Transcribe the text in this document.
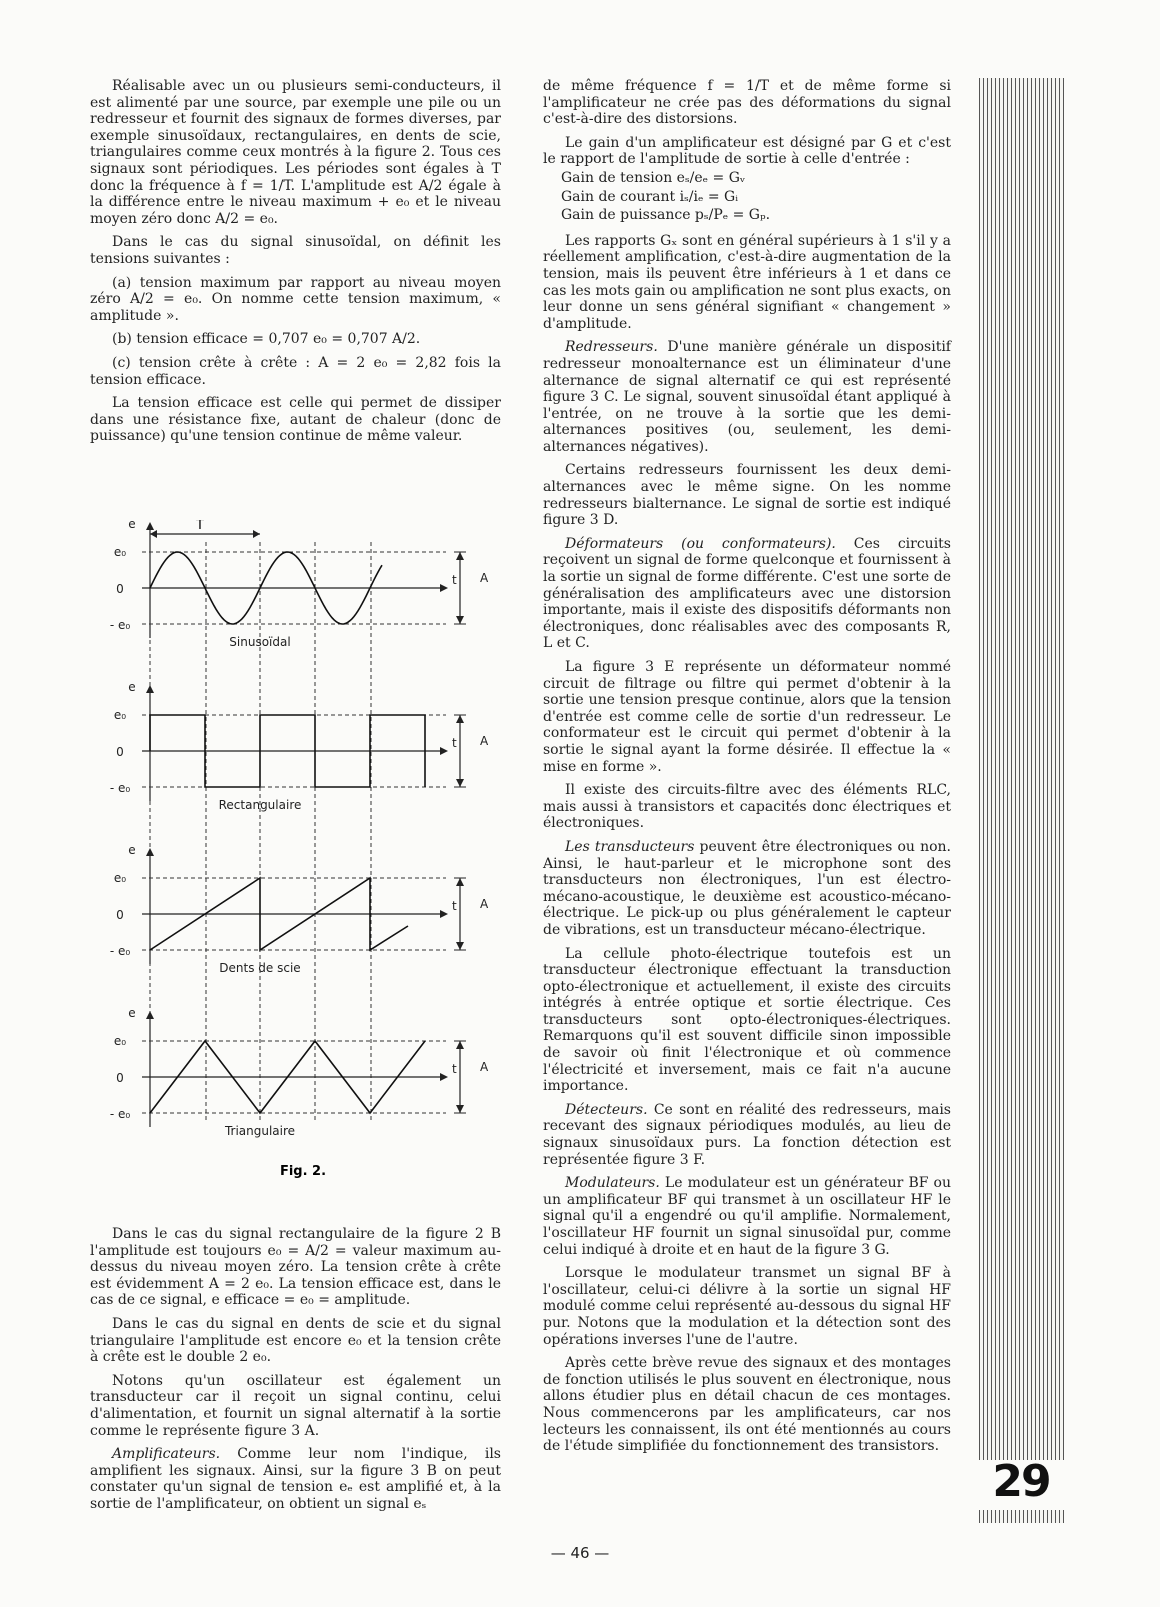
Réalisable avec un ou plusieurs semi-conducteurs, il est alimenté par une source, par exemple une pile ou un redresseur et fournit des signaux de formes diverses, par exemple sinusoïdaux, rectangulaires, en dents de scie, triangulaires comme ceux montrés à la figure 2. Tous ces signaux sont périodiques. Les périodes sont égales à T donc la fréquence à f = 1/T. L'amplitude est A/2 égale à la différence entre le niveau maximum + e₀ et le niveau moyen zéro donc A/2 = e₀.

Dans le cas du signal sinusoïdal, on définit les tensions suivantes :

(a) tension maximum par rapport au niveau moyen zéro A/2 = e₀. On nomme cette tension maximum, « amplitude ».

(b) tension efficace = 0,707 e₀ = 0,707 A/2.

(c) tension crête à crête : A = 2 e₀ = 2,82 fois la tension efficace.

La tension efficace est celle qui permet de dissiper dans une résistance fixe, autant de chaleur (donc de puissance) qu'une tension continue de même valeur.

e
e₀
0
- e₀
t A
Sinusoïdal
e
e₀
0
- e₀
t A
Rectangulaire
e
e₀
0
- e₀
t A
Dents de scie
e
e₀
0
- e₀
t A
Triangulaire
T
Fig. 2.

Dans le cas du signal rectangulaire de la figure 2 B l'amplitude est toujours e₀ = A/2 = valeur maximum au-dessus du niveau moyen zéro. La tension crête à crête est évidemment A = 2 e₀. La tension efficace est, dans le cas de ce signal, e efficace = e₀ = amplitude.

Dans le cas du signal en dents de scie et du signal triangulaire l'amplitude est encore e₀ et la tension crête à crête est le double 2 e₀.

Notons qu'un oscillateur est également un transducteur car il reçoit un signal continu, celui d'alimentation, et fournit un signal alternatif à la sortie comme le représente figure 3 A.

Amplificateurs. Comme leur nom l'indique, ils amplifient les signaux. Ainsi, sur la figure 3 B on peut constater qu'un signal de tension eₑ est amplifié et, à la sortie de l'amplificateur, on obtient un signal eₛ

de même fréquence f = 1/T et de même forme si l'amplificateur ne crée pas des déformations du signal c'est-à-dire des distorsions.

Le gain d'un amplificateur est désigné par G et c'est le rapport de l'amplitude de sortie à celle d'entrée :

Gain de tension eₛ/eₑ = Gᵥ

Gain de courant iₛ/iₑ = Gᵢ

Gain de puissance pₛ/Pₑ = Gₚ.

Les rapports Gₓ sont en général supérieurs à 1 s'il y a réellement amplification, c'est-à-dire augmentation de la tension, mais ils peuvent être inférieurs à 1 et dans ce cas les mots gain ou amplification ne sont plus exacts, on leur donne un sens général signifiant « changement » d'amplitude.

Redresseurs. D'une manière générale un dispositif redresseur monoalternance est un éliminateur d'une alternance de signal alternatif ce qui est représenté figure 3 C. Le signal, souvent sinusoïdal étant appliqué à l'entrée, on ne trouve à la sortie que les demi-alternances positives (ou, seulement, les demi-alternances négatives).

Certains redresseurs fournissent les deux demi-alternances avec le même signe. On les nomme redresseurs bialternance. Le signal de sortie est indiqué figure 3 D.

Déformateurs (ou conformateurs). Ces circuits reçoivent un signal de forme quelconque et fournissent à la sortie un signal de forme différente. C'est une sorte de généralisation des amplificateurs avec une distorsion importante, mais il existe des dispositifs déformants non électroniques, donc réalisables avec des composants R, L et C.

La figure 3 E représente un déformateur nommé circuit de filtrage ou filtre qui permet d'obtenir à la sortie une tension presque continue, alors que la tension d'entrée est comme celle de sortie d'un redresseur. Le conformateur est le circuit qui permet d'obtenir à la sortie le signal ayant la forme désirée. Il effectue la « mise en forme ».

Il existe des circuits-filtre avec des éléments RLC, mais aussi à transistors et capacités donc électriques et électroniques.

Les transducteurs peuvent être électroniques ou non. Ainsi, le haut-parleur et le microphone sont des transducteurs non électroniques, l'un est électro-mécano-acoustique, le deuxième est acoustico-mécano-électrique. Le pick-up ou plus généralement le capteur de vibrations, est un transducteur mécano-électrique.

La cellule photo-électrique toutefois est un transducteur électronique effectuant la transduction opto-électronique et actuellement, il existe des circuits intégrés à entrée optique et sortie électrique. Ces transducteurs sont opto-électroniques-électriques. Remarquons qu'il est souvent difficile sinon impossible de savoir où finit l'électronique et où commence l'électricité et inversement, mais ce fait n'a aucune importance.

Détecteurs. Ce sont en réalité des redresseurs, mais recevant des signaux périodiques modulés, au lieu de signaux sinusoïdaux purs. La fonction détection est représentée figure 3 F.

Modulateurs. Le modulateur est un générateur BF ou un amplificateur BF qui transmet à un oscillateur HF le signal qu'il a engendré ou qu'il amplifie. Normalement, l'oscillateur HF fournit un signal sinusoïdal pur, comme celui indiqué à droite et en haut de la figure 3 G.

Lorsque le modulateur transmet un signal BF à l'oscillateur, celui-ci délivre à la sortie un signal HF modulé comme celui représenté au-dessous du signal HF pur. Notons que la modulation et la détection sont des opérations inverses l'une de l'autre.

Après cette brève revue des signaux et des montages de fonction utilisés le plus souvent en électronique, nous allons étudier plus en détail chacun de ces montages. Nous commencerons par les amplificateurs, car nos lecteurs les connaissent, ils ont été mentionnés au cours de l'étude simplifiée du fonctionnement des transistors.

29
— 46 —
